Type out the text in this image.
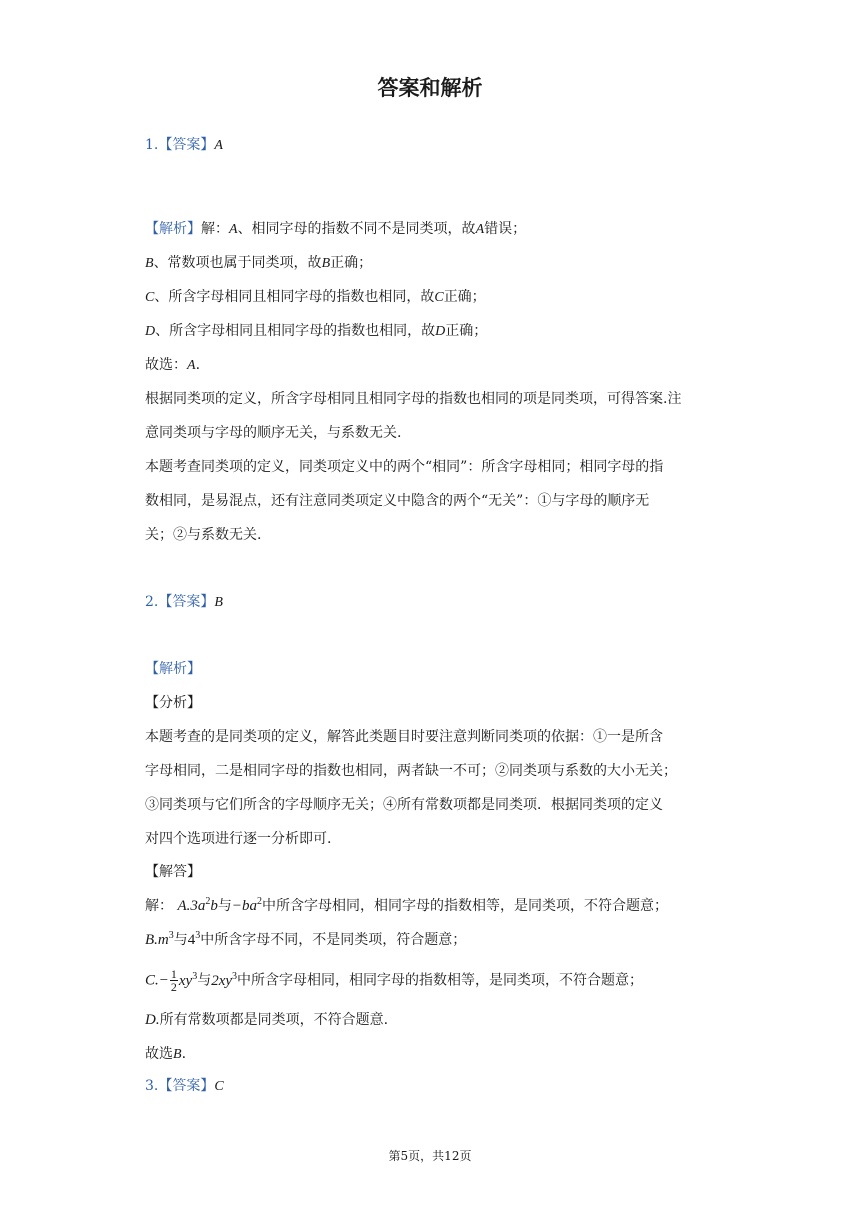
答案和解析
1.【答案】A
【解析】解：A、相同字母的指数不同不是同类项，故A错误；
B、常数项也属于同类项，故B正确；
C、所含字母相同且相同字母的指数也相同，故C正确；
D、所含字母相同且相同字母的指数也相同，故D正确；
故选：A.
根据同类项的定义，所含字母相同且相同字母的指数也相同的项是同类项，可得答案.注
意同类项与字母的顺序无关，与系数无关.
本题考查同类项的定义，同类项定义中的两个“相同”：所含字母相同；相同字母的指
数相同，是易混点，还有注意同类项定义中隐含的两个“无关”：①与字母的顺序无
关；②与系数无关.
2.【答案】B
【解析】
【分析】
本题考查的是同类项的定义，解答此类题目时要注意判断同类项的依据：①一是所含
字母相同，二是相同字母的指数也相同，两者缺一不可；②同类项与系数的大小无关；
③同类项与它们所含的字母顺序无关；④所有常数项都是同类项．根据同类项的定义
对四个选项进行逐一分析即可.
【解答】
解： $A.3a^2b$与$-ba^2$中所含字母相同，相同字母的指数相等，是同类项，不符合题意；
$B.m^3$与$4^3$中所含字母不同，不是同类项，符合题意；
$C.- \frac{1}{2} xy^3$与$2xy^3$中所含字母相同，相同字母的指数相等，是同类项，不符合题意；
D.所有常数项都是同类项，不符合题意.
故选B.
3.【答案】C
第5页，共12页
